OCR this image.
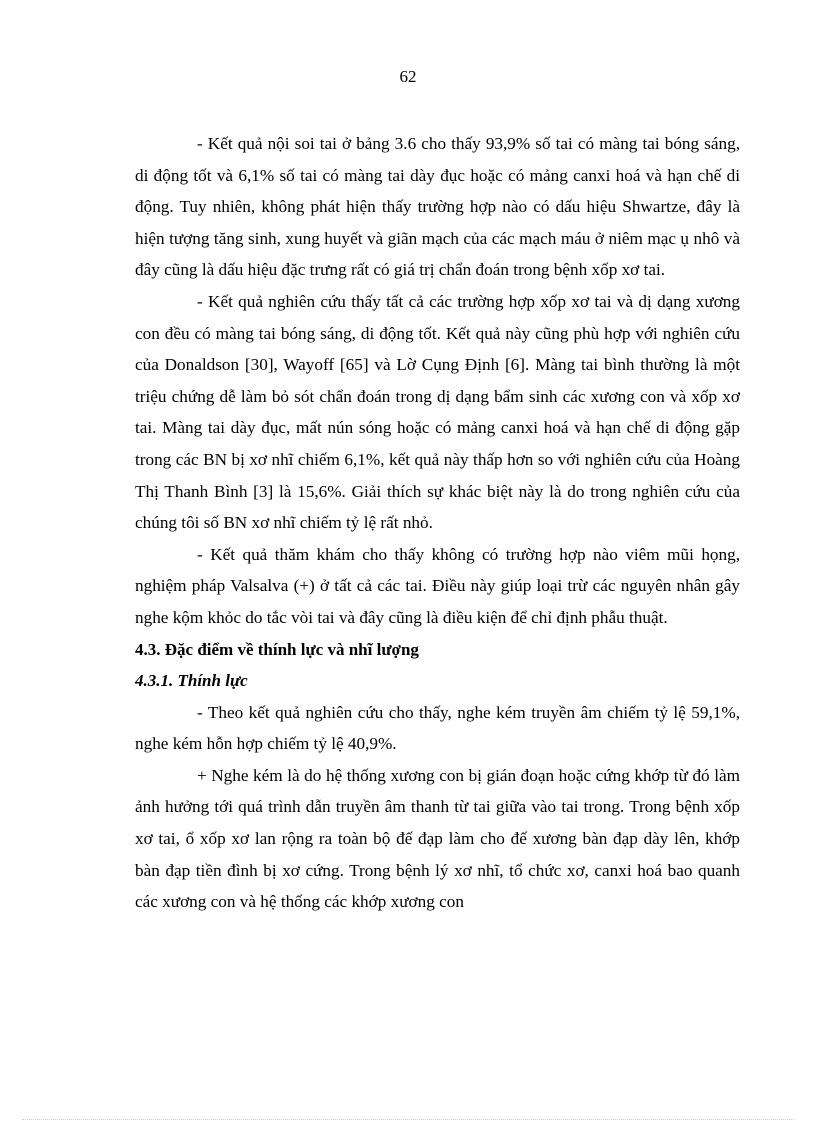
62

- Kết quả nội soi tai ở bảng 3.6 cho thấy 93,9% số tai có màng tai bóng sáng, di động tốt và 6,1% số tai có màng tai dày đục hoặc có mảng canxi hoá và hạn chế di động. Tuy nhiên, không phát hiện thấy trường hợp nào có dấu hiệu Shwartze, đây là hiện tượng tăng sinh, xung huyết và giãn mạch của các mạch máu ở niêm mạc ụ nhô và đây cũng là dấu hiệu đặc trưng rất có giá trị chẩn đoán trong bệnh xốp xơ tai.

- Kết quả nghiên cứu thấy tất cả các trường hợp xốp xơ tai và dị dạng xương con đều có màng tai bóng sáng, di động tốt. Kết quả này cũng phù hợp với nghiên cứu của Donaldson [30], Wayoff [65] và Lờ Cụng Định [6]. Màng tai bình thường là một triệu chứng dễ làm bỏ sót chẩn đoán trong dị dạng bẩm sinh các xương con và xốp xơ tai. Màng tai dày đục, mất nún sóng hoặc có mảng canxi hoá và hạn chế di động gặp trong các BN bị xơ nhĩ chiếm 6,1%, kết quả này thấp hơn so với nghiên cứu của Hoàng Thị Thanh Bình [3] là 15,6%. Giải thích sự khác biệt này là do trong nghiên cứu của chúng tôi số BN xơ nhĩ chiếm tỷ lệ rất nhỏ.

- Kết quả thăm khám cho thấy không có trường hợp nào viêm mũi họng, nghiệm pháp Valsalva (+) ở tất cả các tai. Điều này giúp loại trừ các nguyên nhân gây nghe kộm khỏc do tắc vòi tai và đây cũng là điều kiện để chỉ định phẫu thuật.

4.3. Đặc điểm về thính lực và nhĩ lượng

4.3.1. Thính lực

- Theo kết quả nghiên cứu cho thấy, nghe kém truyền âm chiếm tỷ lệ 59,1%, nghe kém hỗn hợp chiếm tỷ lệ 40,9%.

+ Nghe kém là do hệ thống xương con bị gián đoạn hoặc cứng khớp từ đó làm ảnh hưởng tới quá trình dẫn truyền âm thanh từ tai giữa vào tai trong. Trong bệnh xốp xơ tai, ổ xốp xơ lan rộng ra toàn bộ đế đạp làm cho đế xương bàn đạp dày lên, khớp bàn đạp tiền đình bị xơ cứng. Trong bệnh lý xơ nhĩ, tổ chức xơ, canxi hoá bao quanh các xương con và hệ thống các khớp xương con
